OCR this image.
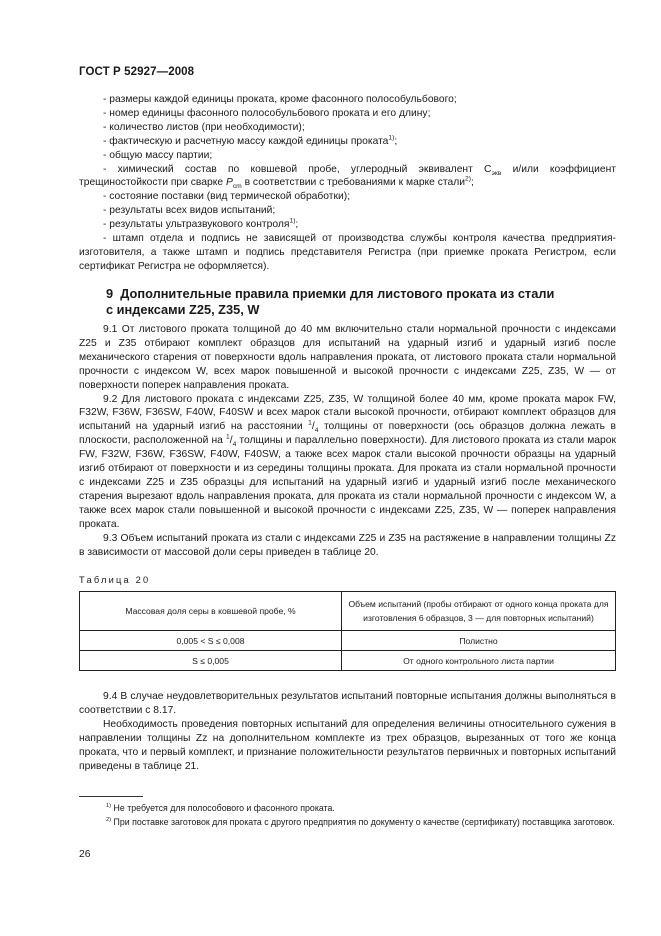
ГОСТ Р 52927—2008

- размеры каждой единицы проката, кроме фасонного полособульбового;

- номер единицы фасонного полособульбового проката и его длину;

- количество листов (при необходимости);

- фактическую и расчетную массу каждой единицы проката$^{1)}$;

- общую массу партии;

- химический состав по ковшевой пробе, углеродный эквивалент $C_{экв}$ и/или коэффициент трещиностойкости при сварке $P_{cm}$ в соответствии с требованиями к марке стали$^{2)}$;

- состояние поставки (вид термической обработки);

- результаты всех видов испытаний;

- результаты ультразвукового контроля$^{1)}$;

- штамп отдела и подпись не зависящей от производства службы контроля качества предприятия-изготовителя, а также штамп и подпись представителя Регистра (при приемке проката Регистром, если сертификат Регистра не оформляется).

9 Дополнительные правила приемки для листового проката из стали
с индексами Z25, Z35, W

9.1 От листового проката толщиной до 40 мм включительно стали нормальной прочности с индексами Z25 и Z35 отбирают комплект образцов для испытаний на ударный изгиб и ударный изгиб после механического старения от поверхности вдоль направления проката, от листового проката стали нормальной прочности с индексом W, всех марок повышенной и высокой прочности с индексами Z25, Z35, W — от поверхности поперек направления проката.

9.2 Для листового проката с индексами Z25, Z35, W толщиной более 40 мм, кроме проката марок FW, F32W, F36W, F36SW, F40W, F40SW и всех марок стали высокой прочности, отбирают комплект образцов для испытаний на ударный изгиб на расстоянии $^1/_4$ толщины от поверхности (ось образцов должна лежать в плоскости, расположенной на $^1/_4$ толщины и параллельно поверхности). Для листового проката из стали марок FW, F32W, F36W, F36SW, F40W, F40SW, а также всех марок стали высокой прочности образцы на ударный изгиб отбирают от поверхности и из середины толщины проката. Для проката из стали нормальной прочности с индексами Z25 и Z35 образцы для испытаний на ударный изгиб и ударный изгиб после механического старения вырезают вдоль направления проката, для проката из стали нормальной прочности с индексом W, а также всех марок стали повышенной и высокой прочности с индексами Z25, Z35, W — поперек направления проката.

9.3 Объем испытаний проката из стали с индексами Z25 и Z35 на растяжение в направлении толщины Zz в зависимости от массовой доли серы приведен в таблице 20.

Таблица 20
Массовая доля серы в ковшевой пробе, %	Объем испытаний (пробы отбирают от одного конца проката для изготовления 6 образцов, 3 — для повторных испытаний)
0,005 < S ≤ 0,008	Полистно
S ≤ 0,005	От одного контрольного листа партии

9.4 В случае неудовлетворительных результатов испытаний повторные испытания должны выполняться в соответствии с 8.17.

Необходимость проведения повторных испытаний для определения величины относительного сужения в направлении толщины Zz на дополнительном комплекте из трех образцов, вырезанных от того же конца проката, что и первый комплект, и признание положительности результатов первичных и повторных испытаний приведены в таблице 21.

$^{1)}$ Не требуется для полособового и фасонного проката.

$^{2)}$ При поставке заготовок для проката с другого предприятия по документу о качестве (сертификату) поставщика заготовок.

26
